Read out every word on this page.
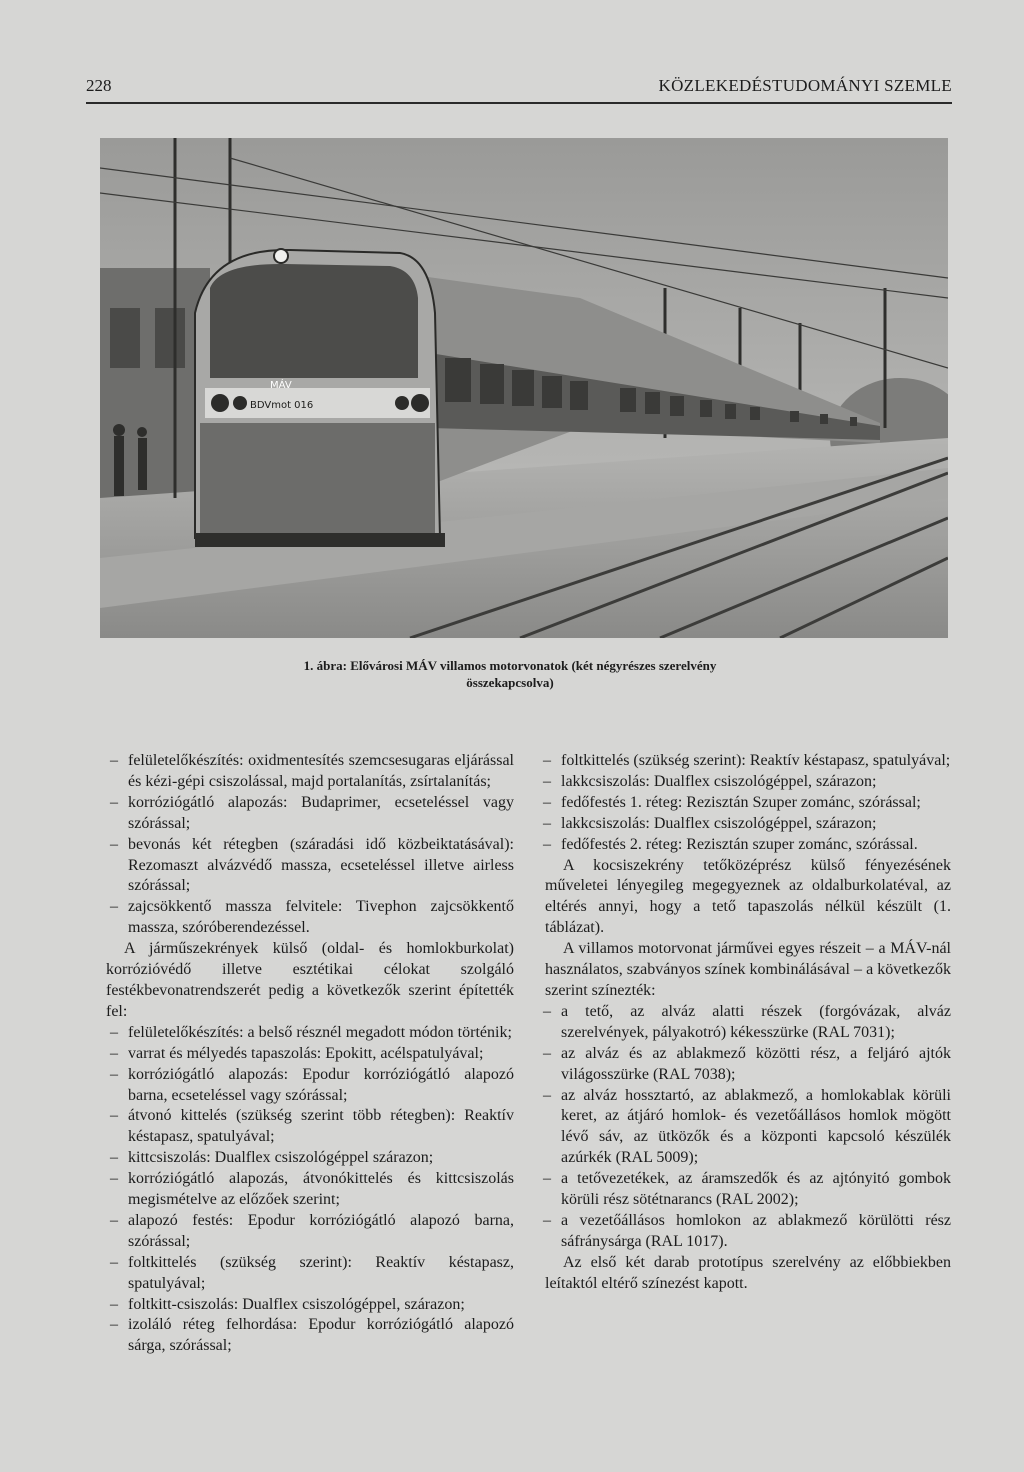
228	KÖZLEKEDÉSTUDOMÁNYI SZEMLE
MÁV
BDVmot 016
1. ábra: Elővárosi MÁV villamos motorvonatok (két négyrészes szerelvény összekapcsolva)
– felületelőkészítés: oxidmentesítés szemcsesugaras eljárással és kézi-gépi csiszolással, majd portalanítás, zsírtalanítás;
– korróziógátló alapozás: Budaprimer, ecseteléssel vagy szórással;
– bevonás két rétegben (száradási idő közbeiktatásával): Rezomaszt alvázvédő massza, ecseteléssel illetve airless szórással;
– zajcsökkentő massza felvitele: Tivephon zajcsökkentő massza, szóróberendezéssel.
A járműszekrények külső (oldal- és homlokburkolat) korrózióvédő illetve esztétikai célokat szolgáló festékbevonatrendszerét pedig a következők szerint építették fel:
– felületelőkészítés: a belső résznél megadott módon történik;
– varrat és mélyedés tapaszolás: Epokitt, acélspatulyával;
– korróziógátló alapozás: Epodur korróziógátló alapozó barna, ecseteléssel vagy szórással;
– átvonó kittelés (szükség szerint több rétegben): Reaktív késtapasz, spatulyával;
– kittcsiszolás: Dualflex csiszológéppel szárazon;
– korróziógátló alapozás, átvonókittelés és kittcsiszolás megismételve az előzőek szerint;
– alapozó festés: Epodur korróziógátló alapozó barna, szórással;
– foltkittelés (szükség szerint): Reaktív késtapasz, spatulyával;
– foltkitt-csiszolás: Dualflex csiszológéppel, szárazon;
– izoláló réteg felhordása: Epodur korróziógátló alapozó sárga, szórással;
– foltkittelés (szükség szerint): Reaktív késtapasz, spatulyával;
– lakkcsiszolás: Dualflex csiszológéppel, szárazon;
– fedőfestés 1. réteg: Rezisztán Szuper zománc, szórással;
– lakkcsiszolás: Dualflex csiszológéppel, szárazon;
– fedőfestés 2. réteg: Rezisztán szuper zománc, szórással.
A kocsiszekrény tetőközéprész külső fényezésének műveletei lényegileg megegyeznek az oldalburkolatéval, az eltérés annyi, hogy a tető tapaszolás nélkül készült (1. táblázat).
A villamos motorvonat járművei egyes részeit – a MÁV-nál használatos, szabványos színek kombinálásával – a következők szerint színezték:
– a tető, az alváz alatti részek (forgóvázak, alváz szerelvények, pályakotró) kékesszürke (RAL 7031);
– az alváz és az ablakmező közötti rész, a feljáró ajtók világosszürke (RAL 7038);
– az alváz hossztartó, az ablakmező, a homlokablak körüli keret, az átjáró homlok- és vezetőállásos homlok mögött lévő sáv, az ütközők és a központi kapcsoló készülék azúrkék (RAL 5009);
– a tetővezetékek, az áramszedők és az ajtónyitó gombok körüli rész sötétnarancs (RAL 2002);
– a vezetőállásos homlokon az ablakmező körülötti rész sáfránysárga (RAL 1017).
Az első két darab prototípus szerelvény az előbbiekben leítaktól eltérő színezést kapott.
